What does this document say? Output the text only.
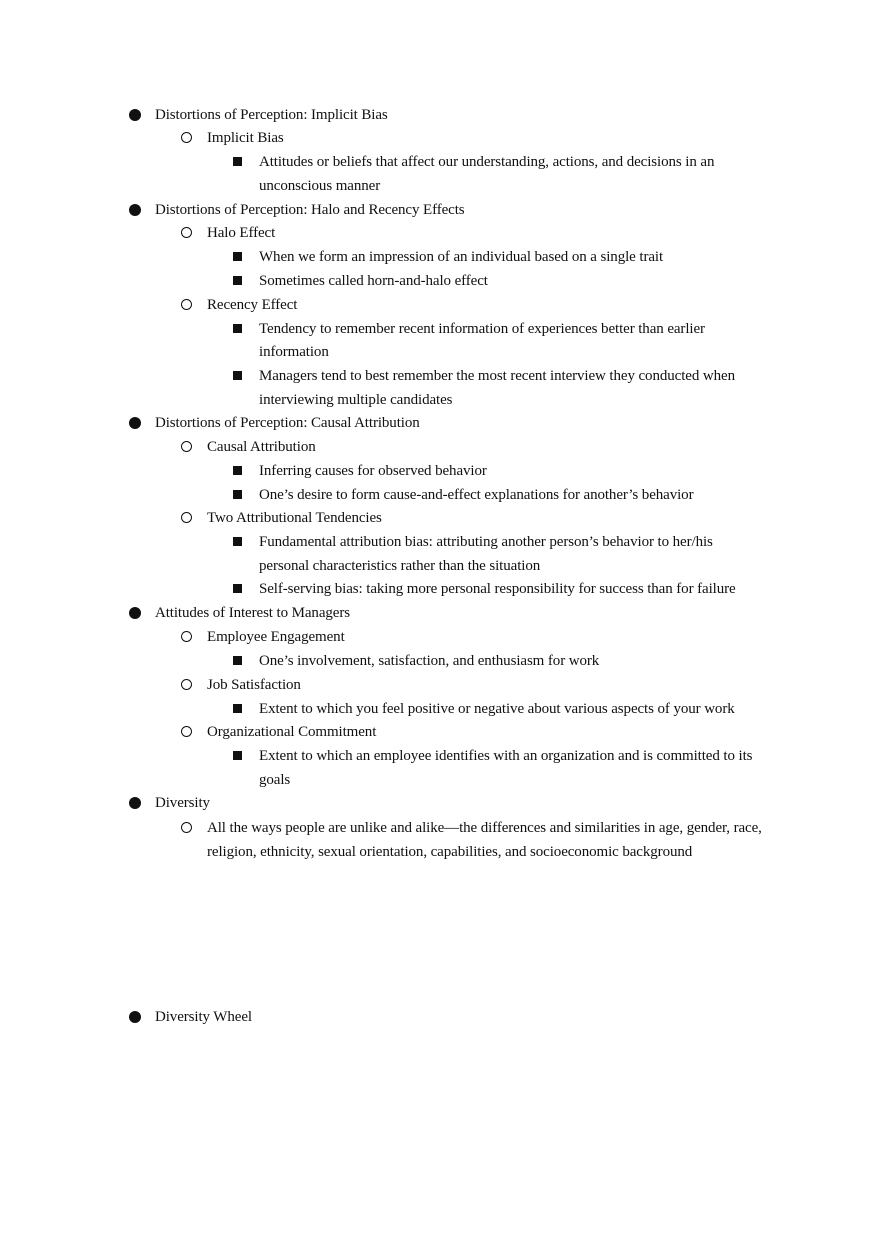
Distortions of Perception: Implicit Bias
Implicit Bias
Attitudes or beliefs that affect our understanding, actions, and decisions in an
unconscious manner
Distortions of Perception: Halo and Recency Effects
Halo Effect
When we form an impression of an individual based on a single trait
Sometimes called horn-and-halo effect
Recency Effect
Tendency to remember recent information of experiences better than earlier
information
Managers tend to best remember the most recent interview they conducted when
interviewing multiple candidates
Distortions of Perception: Causal Attribution
Causal Attribution
Inferring causes for observed behavior
One’s desire to form cause-and-effect explanations for another’s behavior
Two Attributional Tendencies
Fundamental attribution bias: attributing another person’s behavior to her/his
personal characteristics rather than the situation
Self-serving bias: taking more personal responsibility for success than for failure
Attitudes of Interest to Managers
Employee Engagement
One’s involvement, satisfaction, and enthusiasm for work
Job Satisfaction
Extent to which you feel positive or negative about various aspects of your work
Organizational Commitment
Extent to which an employee identifies with an organization and is committed to its
goals
Diversity
All the ways people are unlike and alike—the differences and similarities in age, gender, race,
religion, ethnicity, sexual orientation, capabilities, and socioeconomic background
Diversity Wheel
